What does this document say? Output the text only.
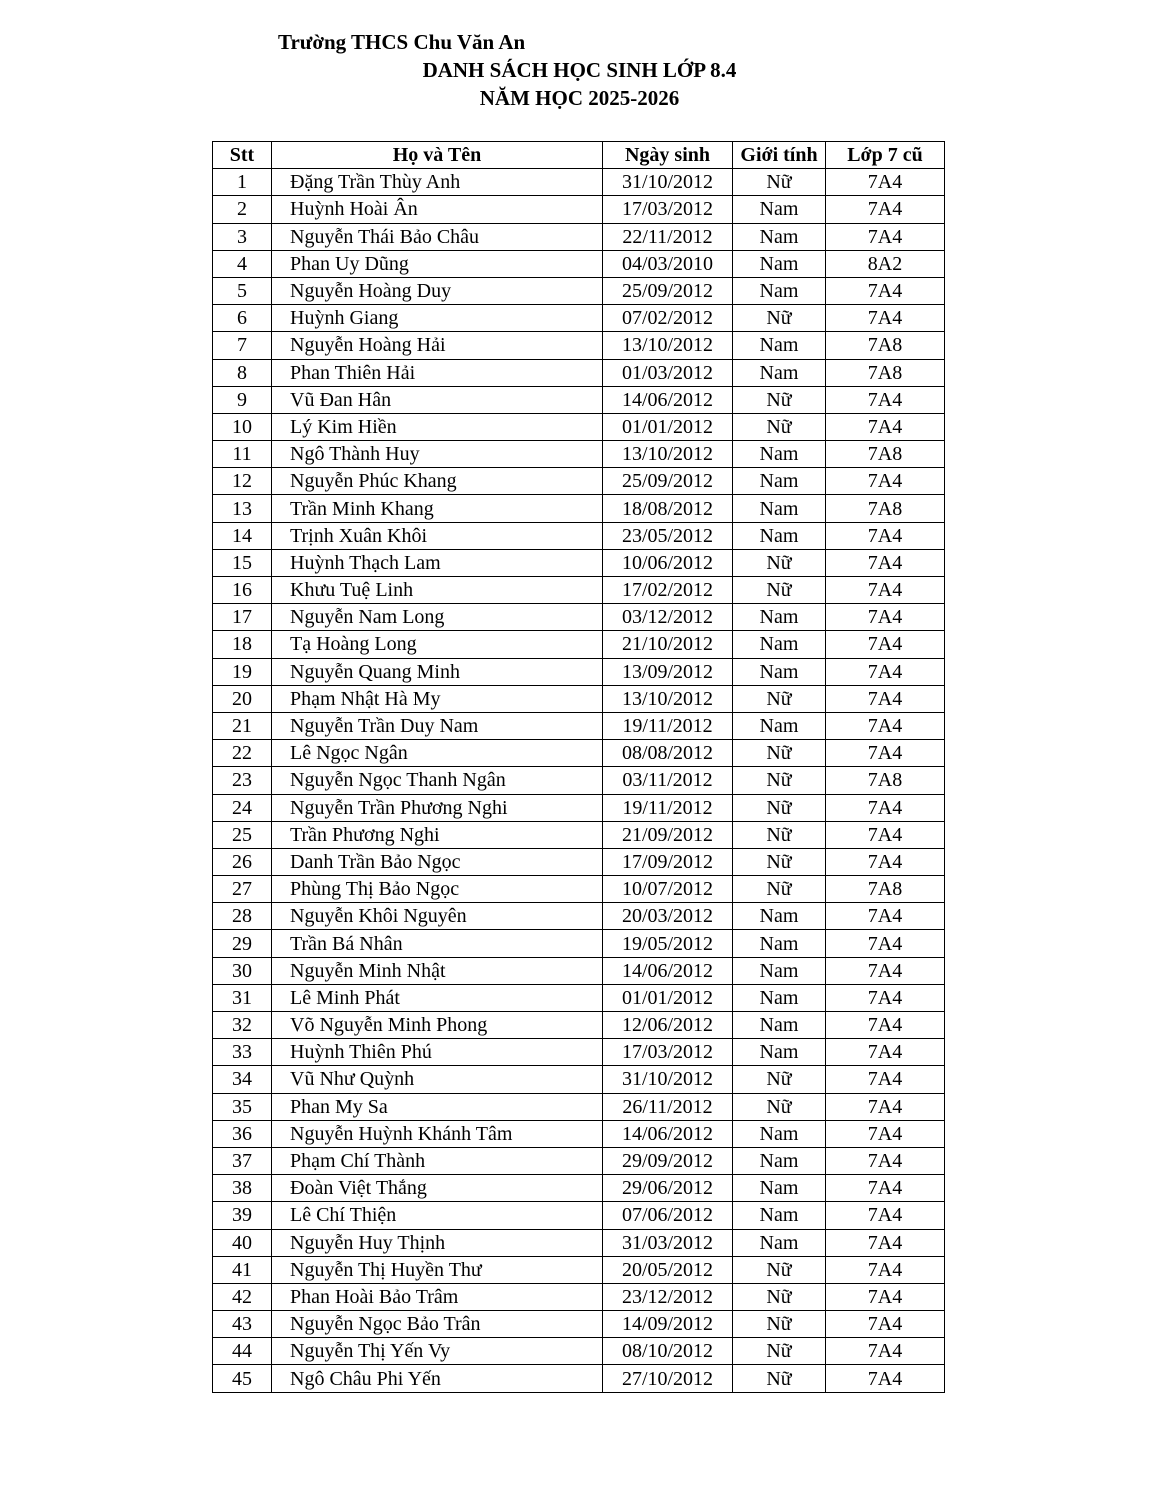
Trường THCS Chu Văn An
DANH SÁCH HỌC SINH LỚP 8.4
NĂM HỌC 2025-2026
Stt	Họ và Tên	Ngày sinh	Giới tính	Lớp 7 cũ
1	Đặng Trần Thùy Anh	31/10/2012	Nữ	7A4
2	Huỳnh Hoài Ân	17/03/2012	Nam	7A4
3	Nguyễn Thái Bảo Châu	22/11/2012	Nam	7A4
4	Phan Uy Dũng	04/03/2010	Nam	8A2
5	Nguyễn Hoàng Duy	25/09/2012	Nam	7A4
6	Huỳnh Giang	07/02/2012	Nữ	7A4
7	Nguyễn Hoàng Hải	13/10/2012	Nam	7A8
8	Phan Thiên Hải	01/03/2012	Nam	7A8
9	Vũ Đan Hân	14/06/2012	Nữ	7A4
10	Lý Kim Hiền	01/01/2012	Nữ	7A4
11	Ngô Thành Huy	13/10/2012	Nam	7A8
12	Nguyễn Phúc Khang	25/09/2012	Nam	7A4
13	Trần Minh Khang	18/08/2012	Nam	7A8
14	Trịnh Xuân Khôi	23/05/2012	Nam	7A4
15	Huỳnh Thạch Lam	10/06/2012	Nữ	7A4
16	Khưu Tuệ Linh	17/02/2012	Nữ	7A4
17	Nguyễn Nam Long	03/12/2012	Nam	7A4
18	Tạ Hoàng Long	21/10/2012	Nam	7A4
19	Nguyễn Quang Minh	13/09/2012	Nam	7A4
20	Phạm Nhật Hà My	13/10/2012	Nữ	7A4
21	Nguyễn Trần Duy Nam	19/11/2012	Nam	7A4
22	Lê Ngọc Ngân	08/08/2012	Nữ	7A4
23	Nguyễn Ngọc Thanh Ngân	03/11/2012	Nữ	7A8
24	Nguyễn Trần Phương Nghi	19/11/2012	Nữ	7A4
25	Trần Phương Nghi	21/09/2012	Nữ	7A4
26	Danh Trần Bảo Ngọc	17/09/2012	Nữ	7A4
27	Phùng Thị Bảo Ngọc	10/07/2012	Nữ	7A8
28	Nguyễn Khôi Nguyên	20/03/2012	Nam	7A4
29	Trần Bá Nhân	19/05/2012	Nam	7A4
30	Nguyễn Minh Nhật	14/06/2012	Nam	7A4
31	Lê Minh Phát	01/01/2012	Nam	7A4
32	Võ Nguyễn Minh Phong	12/06/2012	Nam	7A4
33	Huỳnh Thiên Phú	17/03/2012	Nam	7A4
34	Vũ Như Quỳnh	31/10/2012	Nữ	7A4
35	Phan My Sa	26/11/2012	Nữ	7A4
36	Nguyễn Huỳnh Khánh Tâm	14/06/2012	Nam	7A4
37	Phạm Chí Thành	29/09/2012	Nam	7A4
38	Đoàn Việt Thắng	29/06/2012	Nam	7A4
39	Lê Chí Thiện	07/06/2012	Nam	7A4
40	Nguyễn Huy Thịnh	31/03/2012	Nam	7A4
41	Nguyễn Thị Huyền Thư	20/05/2012	Nữ	7A4
42	Phan Hoài Bảo Trâm	23/12/2012	Nữ	7A4
43	Nguyễn Ngọc Bảo Trân	14/09/2012	Nữ	7A4
44	Nguyễn Thị Yến Vy	08/10/2012	Nữ	7A4
45	Ngô Châu Phi Yến	27/10/2012	Nữ	7A4
